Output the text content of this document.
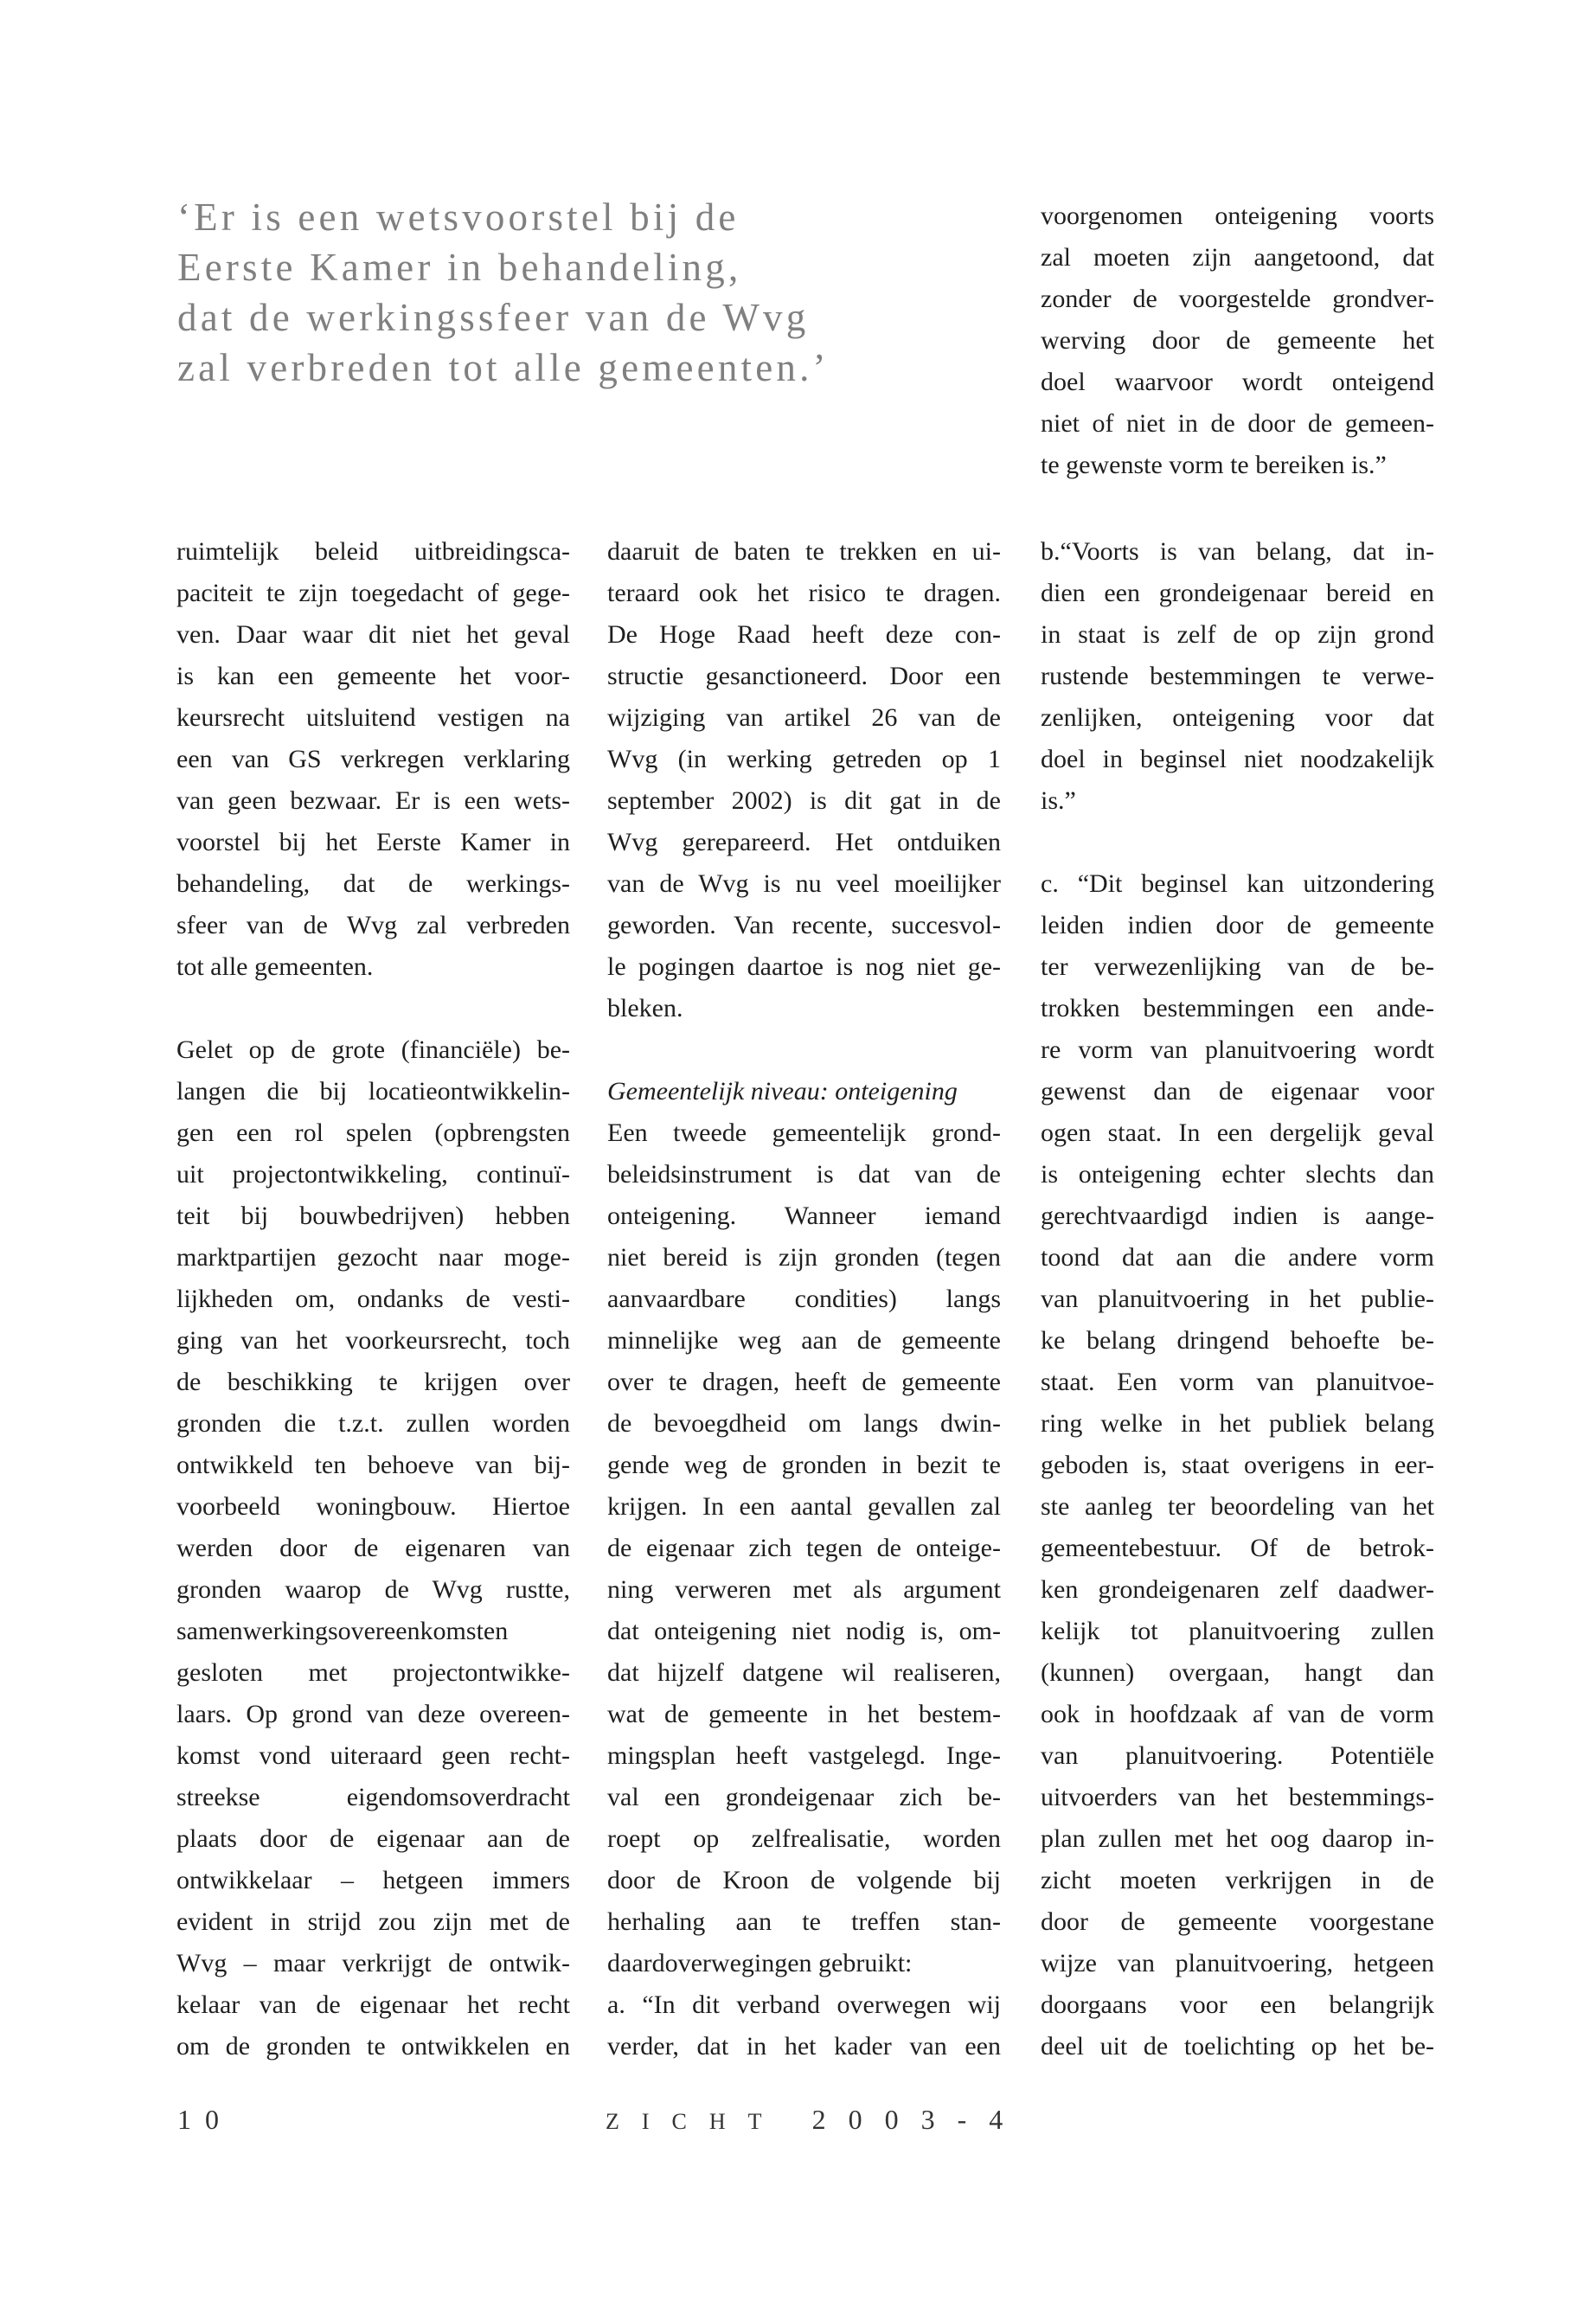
‘Er is een wetsvoorstel bij de
Eerste Kamer in behandeling,
dat de werkingssfeer van de Wvg
zal verbreden tot alle gemeenten.’
voorgenomen onteigening voorts
zal moeten zijn aangetoond, dat
zonder de voorgestelde grondver-
werving door de gemeente het
doel waarvoor wordt onteigend
niet of niet in de door de gemeen-
te gewenste vorm te bereiken is.”
ruimtelijk beleid uitbreidingsca-
paciteit te zijn toegedacht of gege-
ven. Daar waar dit niet het geval
is kan een gemeente het voor-
keursrecht uitsluitend vestigen na
een van GS verkregen verklaring
van geen bezwaar. Er is een wets-
voorstel bij het Eerste Kamer in
behandeling, dat de werkings-
sfeer van de Wvg zal verbreden
tot alle gemeenten.
Gelet op de grote (financiële) be-
langen die bij locatieontwikkelin-
gen een rol spelen (opbrengsten
uit projectontwikkeling, continuï-
teit bij bouwbedrijven) hebben
marktpartijen gezocht naar moge-
lijkheden om, ondanks de vesti-
ging van het voorkeursrecht, toch
de beschikking te krijgen over
gronden die t.z.t. zullen worden
ontwikkeld ten behoeve van bij-
voorbeeld woningbouw. Hiertoe
werden door de eigenaren van
gronden waarop de Wvg rustte,
samenwerkingsovereenkomsten
gesloten met projectontwikke-
laars. Op grond van deze overeen-
komst vond uiteraard geen recht-
streekse eigendomsoverdracht
plaats door de eigenaar aan de
ontwikkelaar – hetgeen immers
evident in strijd zou zijn met de
Wvg – maar verkrijgt de ontwik-
kelaar van de eigenaar het recht
om de gronden te ontwikkelen en
daaruit de baten te trekken en ui-
teraard ook het risico te dragen.
De Hoge Raad heeft deze con-
structie gesanctioneerd. Door een
wijziging van artikel 26 van de
Wvg (in werking getreden op 1
september 2002) is dit gat in de
Wvg gerepareerd. Het ontduiken
van de Wvg is nu veel moeilijker
geworden. Van recente, succesvol-
le pogingen daartoe is nog niet ge-
bleken.
Gemeentelijk niveau: onteigening
Een tweede gemeentelijk grond-
beleidsinstrument is dat van de
onteigening. Wanneer iemand
niet bereid is zijn gronden (tegen
aanvaardbare condities) langs
minnelijke weg aan de gemeente
over te dragen, heeft de gemeente
de bevoegdheid om langs dwin-
gende weg de gronden in bezit te
krijgen. In een aantal gevallen zal
de eigenaar zich tegen de onteige-
ning verweren met als argument
dat onteigening niet nodig is, om-
dat hijzelf datgene wil realiseren,
wat de gemeente in het bestem-
mingsplan heeft vastgelegd. Inge-
val een grondeigenaar zich be-
roept op zelfrealisatie, worden
door de Kroon de volgende bij
herhaling aan te treffen stan-
daardoverwegingen gebruikt:
a. “In dit verband overwegen wij
verder, dat in het kader van een
b.“Voorts is van belang, dat in-
dien een grondeigenaar bereid en
in staat is zelf de op zijn grond
rustende bestemmingen te verwe-
zenlijken, onteigening voor dat
doel in beginsel niet noodzakelijk
is.”
c. “Dit beginsel kan uitzondering
leiden indien door de gemeente
ter verwezenlijking van de be-
trokken bestemmingen een ande-
re vorm van planuitvoering wordt
gewenst dan de eigenaar voor
ogen staat. In een dergelijk geval
is onteigening echter slechts dan
gerechtvaardigd indien is aange-
toond dat aan die andere vorm
van planuitvoering in het publie-
ke belang dringend behoefte be-
staat. Een vorm van planuitvoe-
ring welke in het publiek belang
geboden is, staat overigens in eer-
ste aanleg ter beoordeling van het
gemeentebestuur. Of de betrok-
ken grondeigenaren zelf daadwer-
kelijk tot planuitvoering zullen
(kunnen) overgaan, hangt dan
ook in hoofdzaak af van de vorm
van planuitvoering. Potentiële
uitvoerders van het bestemmings-
plan zullen met het oog daarop in-
zicht moeten verkrijgen in de
door de gemeente voorgestane
wijze van planuitvoering, hetgeen
doorgaans voor een belangrijk
deel uit de toelichting op het be-
10	ZICHT 2003-4
